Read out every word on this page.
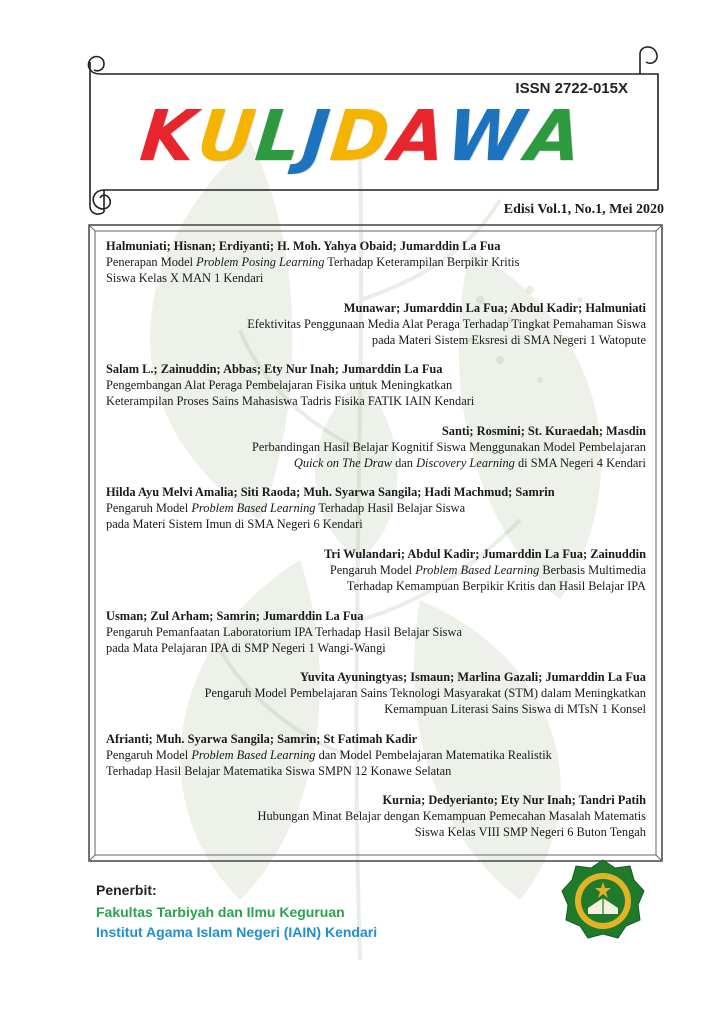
ISSN 2722-015X
KULJDAWA
Edisi Vol.1, No.1, Mei 2020
Halmuniati; Hisnan; Erdiyanti; H. Moh. Yahya Obaid; Jumarddin La Fua
Penerapan Model Problem Posing Learning Terhadap Keterampilan Berpikir Kritis
Siswa Kelas X MAN 1 Kendari
Munawar; Jumarddin La Fua; Abdul Kadir; Halmuniati
Efektivitas Penggunaan Media Alat Peraga Terhadap Tingkat Pemahaman Siswa
pada Materi Sistem Eksresi di SMA Negeri 1 Watopute
Salam L.; Zainuddin; Abbas; Ety Nur Inah; Jumarddin La Fua
Pengembangan Alat Peraga Pembelajaran Fisika untuk Meningkatkan
Keterampilan Proses Sains Mahasiswa Tadris Fisika FATIK IAIN Kendari
Santi; Rosmini; St. Kuraedah; Masdin
Perbandingan Hasil Belajar Kognitif Siswa Menggunakan Model Pembelajaran
Quick on The Draw dan Discovery Learning di SMA Negeri 4 Kendari
Hilda Ayu Melvi Amalia; Siti Raoda; Muh. Syarwa Sangila; Hadi Machmud; Samrin
Pengaruh Model Problem Based Learning Terhadap Hasil Belajar Siswa
pada Materi Sistem Imun di SMA Negeri 6 Kendari
Tri Wulandari; Abdul Kadir; Jumarddin La Fua; Zainuddin
Pengaruh Model Problem Based Learning Berbasis Multimedia
Terhadap Kemampuan Berpikir Kritis dan Hasil Belajar IPA
Usman; Zul Arham; Samrin; Jumarddin La Fua
Pengaruh Pemanfaatan Laboratorium IPA Terhadap Hasil Belajar Siswa
pada Mata Pelajaran IPA di SMP Negeri 1 Wangi-Wangi
Yuvita Ayuningtyas; Ismaun; Marlina Gazali; Jumarddin La Fua
Pengaruh Model Pembelajaran Sains Teknologi Masyarakat (STM) dalam Meningkatkan
Kemampuan Literasi Sains Siswa di MTsN 1 Konsel
Afrianti; Muh. Syarwa Sangila; Samrin; St Fatimah Kadir
Pengaruh Model Problem Based Learning dan Model Pembelajaran Matematika Realistik
Terhadap Hasil Belajar Matematika Siswa SMPN 12 Konawe Selatan
Kurnia; Dedyerianto; Ety Nur Inah; Tandri Patih
Hubungan Minat Belajar dengan Kemampuan Pemecahan Masalah Matematis
Siswa Kelas VIII SMP Negeri 6 Buton Tengah
Penerbit:
Fakultas Tarbiyah dan Ilmu Keguruan
Institut Agama Islam Negeri (IAIN) Kendari
